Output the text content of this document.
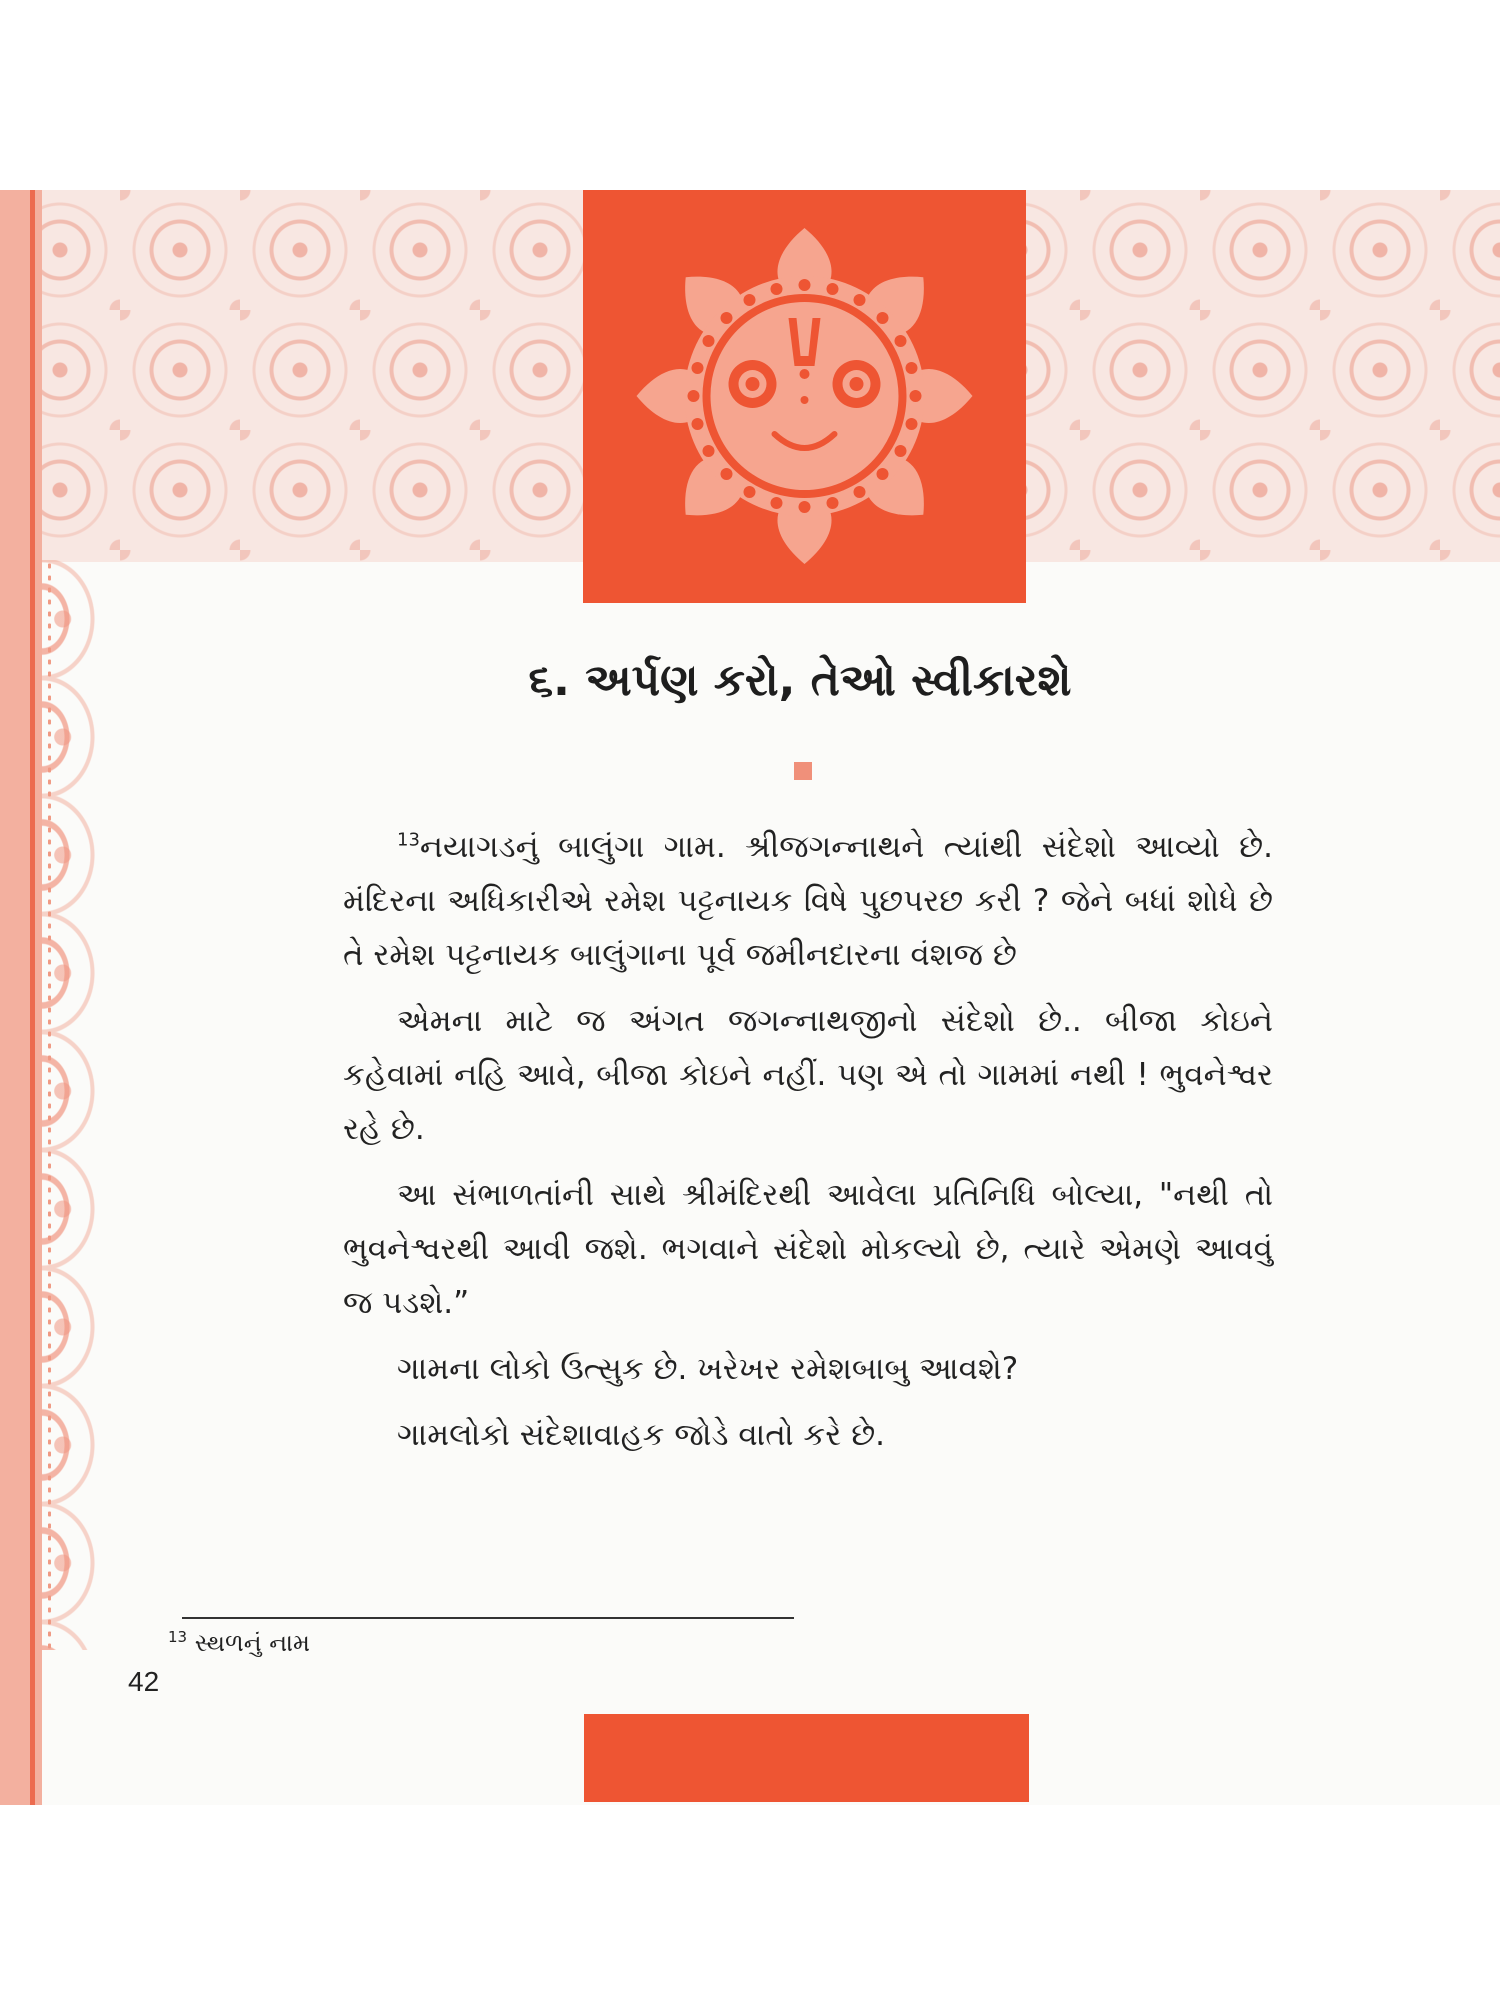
૬. અર્પણ કરો, તેઓ સ્વીકારશે

$^{13}$નયાગડનું બાલુંગા ગામ. શ્રીજગન્નાથને ત્યાંથી સંદેશો આવ્યો છે. મંદિરના અધિકારીએ રમેશ પટ્ટનાયક વિષે પુછપરછ કરી ? જેને બધાં શોધે છે તે રમેશ પટ્ટનાયક બાલુંગાના પૂર્વ જમીનદારના વંશજ છે

એમના માટે જ અંગત જગન્નાથજીનો સંદેશો છે.. બીજા કોઇને કહેવામાં નહિ આવે, બીજા કોઇને નહીં. પણ એ તો ગામમાં નથી ! ભુવનેશ્વર રહે છે.

આ સંભાળતાંની સાથે શ્રીમંદિરથી આવેલા પ્રતિનિધિ બોલ્યા, "નથી તો ભુવનેશ્વરથી આવી જશે. ભગવાને સંદેશો મોકલ્યો છે, ત્યારે એમણે આવવું જ પડશે.”

ગામના લોકો ઉત્સુક છે. ખરેખર રમેશબાબુ આવશે?

ગામલોકો સંદેશાવાહક જોડે વાતો કરે છે.

$^{13}$ સ્થળનું નામ
42
